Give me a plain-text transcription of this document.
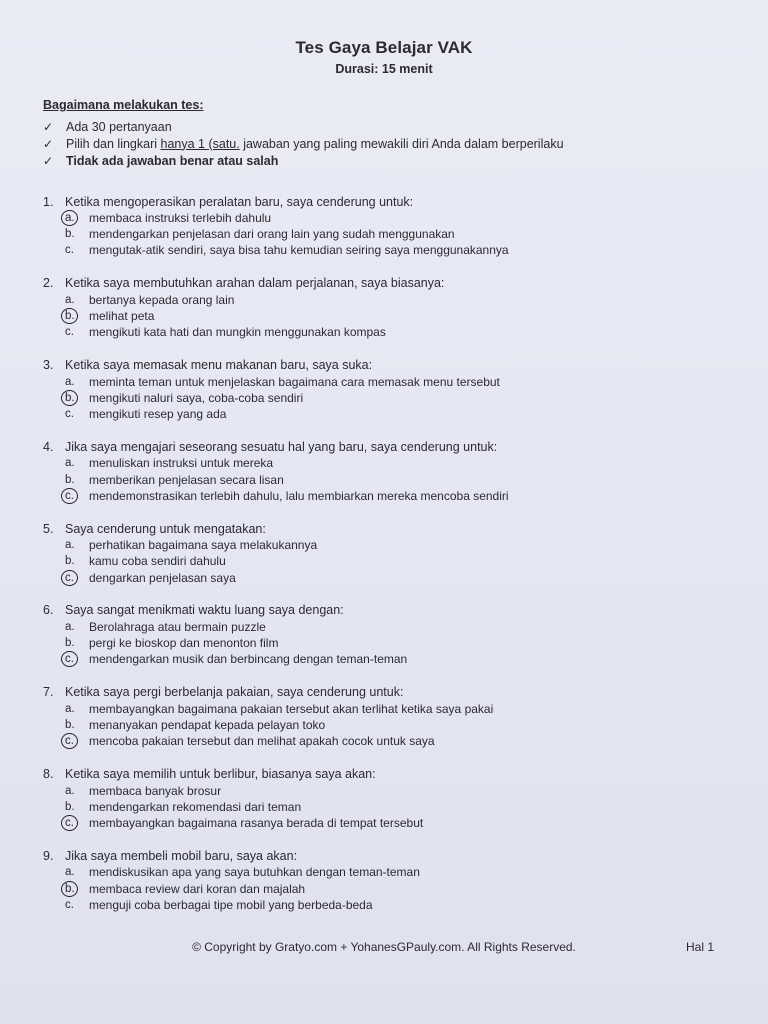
Tes Gaya Belajar VAK
Durasi: 15 menit
Bagaimana melakukan tes:
✓	Ada 30 pertanyaan
✓	Pilih dan lingkari hanya 1 (satu. jawaban yang paling mewakili diri Anda dalam berperilaku
✓	Tidak ada jawaban benar atau salah
1. Ketika mengoperasikan peralatan baru, saya cenderung untuk:
a.	membaca instruksi terlebih dahulu
b.	mendengarkan penjelasan dari orang lain yang sudah menggunakan
c.	mengutak-atik sendiri, saya bisa tahu kemudian seiring saya menggunakannya
2. Ketika saya membutuhkan arahan dalam perjalanan, saya biasanya:
a.	bertanya kepada orang lain
b.	melihat peta
c.	mengikuti kata hati dan mungkin menggunakan kompas
3. Ketika saya memasak menu makanan baru, saya suka:
a.	meminta teman untuk menjelaskan bagaimana cara memasak menu tersebut
b.	mengikuti naluri saya, coba-coba sendiri
c.	mengikuti resep yang ada
4. Jika saya mengajari seseorang sesuatu hal yang baru, saya cenderung untuk:
a.	menuliskan instruksi untuk mereka
b.	memberikan penjelasan secara lisan
c.	mendemonstrasikan terlebih dahulu, lalu membiarkan mereka mencoba sendiri
5. Saya cenderung untuk mengatakan:
a.	perhatikan bagaimana saya melakukannya
b.	kamu coba sendiri dahulu
c.	dengarkan penjelasan saya
6. Saya sangat menikmati waktu luang saya dengan:
a.	Berolahraga atau bermain puzzle
b.	pergi ke bioskop dan menonton film
c.	mendengarkan musik dan berbincang dengan teman-teman
7. Ketika saya pergi berbelanja pakaian, saya cenderung untuk:
a.	membayangkan bagaimana pakaian tersebut akan terlihat ketika saya pakai
b.	menanyakan pendapat kepada pelayan toko
c.	mencoba pakaian tersebut dan melihat apakah cocok untuk saya
8. Ketika saya memilih untuk berlibur, biasanya saya akan:
a.	membaca banyak brosur
b.	mendengarkan rekomendasi dari teman
c.	membayangkan bagaimana rasanya berada di tempat tersebut
9. Jika saya membeli mobil baru, saya akan:
a.	mendiskusikan apa yang saya butuhkan dengan teman-teman
b.	membaca review dari koran dan majalah
c.	menguji coba berbagai tipe mobil yang berbeda-beda
© Copyright by Gratyo.com + YohanesGPauly.com. All Rights Reserved.	Hal 1
